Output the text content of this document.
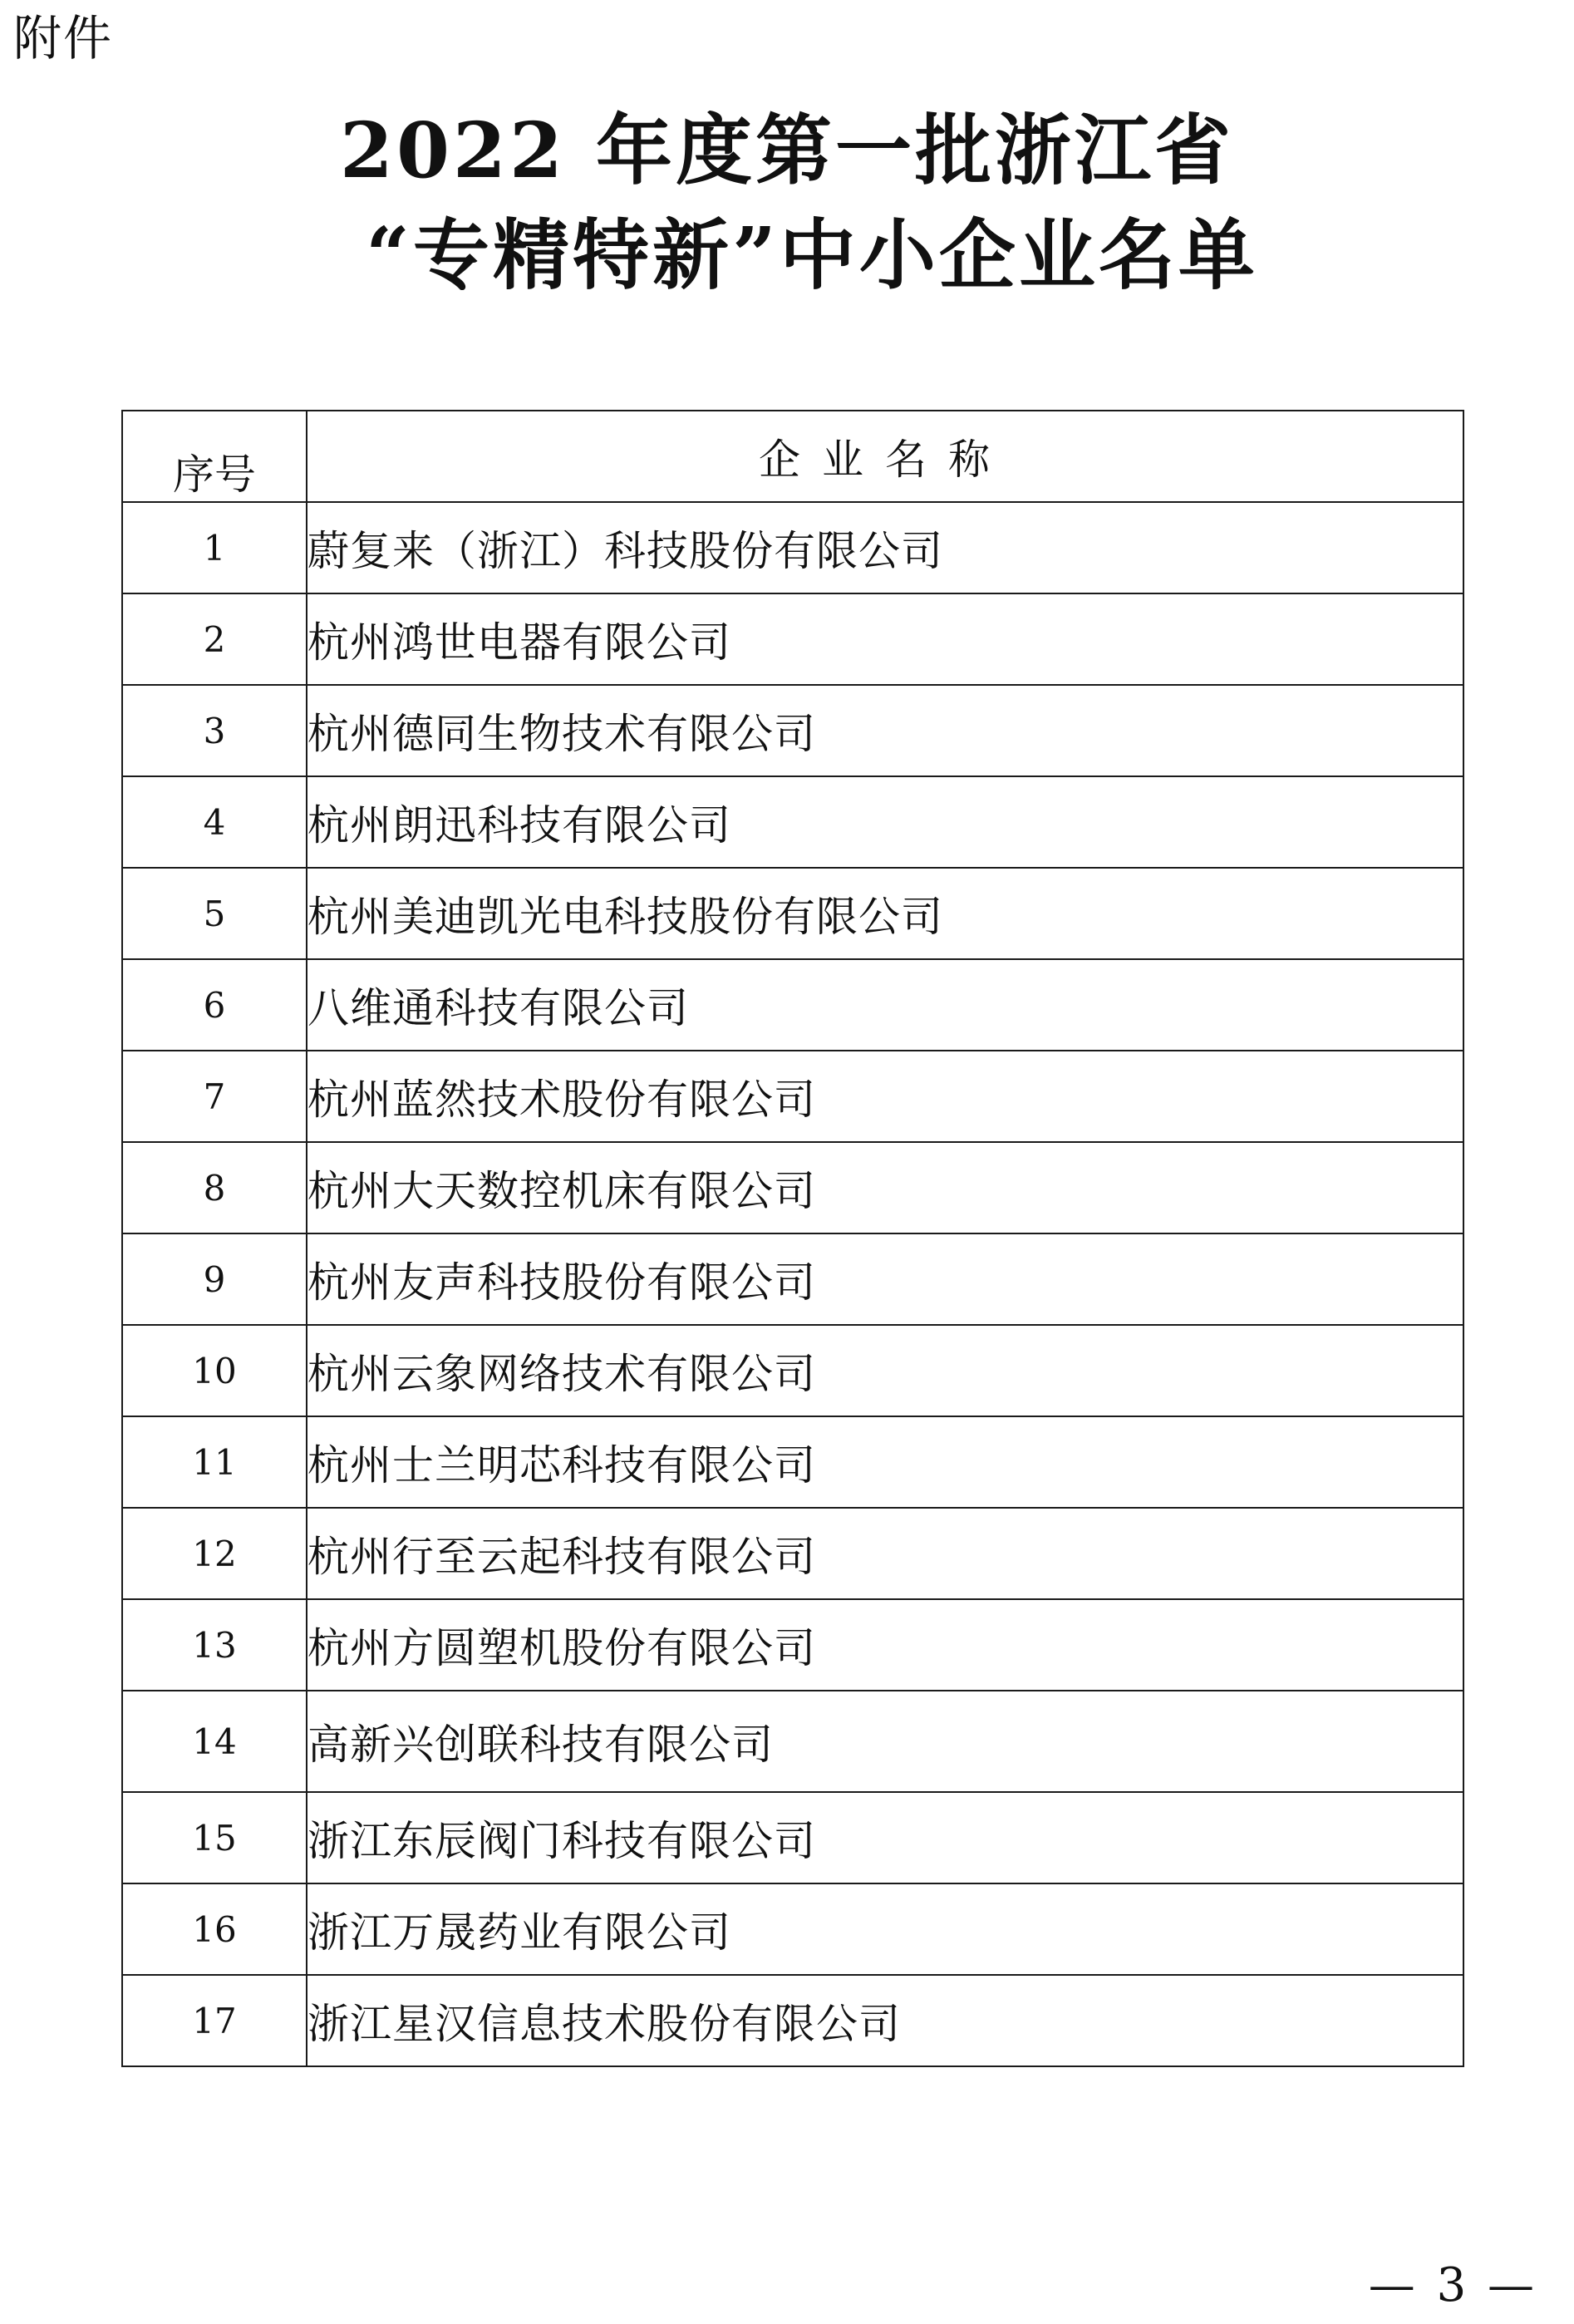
附件
2022 年度第一批浙江省
“专精特新”中小企业名单
序号	企业名称
1	蔚复来（浙江）科技股份有限公司
2	杭州鸿世电器有限公司
3	杭州德同生物技术有限公司
4	杭州朗迅科技有限公司
5	杭州美迪凯光电科技股份有限公司
6	八维通科技有限公司
7	杭州蓝然技术股份有限公司
8	杭州大天数控机床有限公司
9	杭州友声科技股份有限公司
10	杭州云象网络技术有限公司
11	杭州士兰明芯科技有限公司
12	杭州行至云起科技有限公司
13	杭州方圆塑机股份有限公司
14	高新兴创联科技有限公司
15	浙江东辰阀门科技有限公司
16	浙江万晟药业有限公司
17	浙江星汉信息技术股份有限公司
— 3 —
